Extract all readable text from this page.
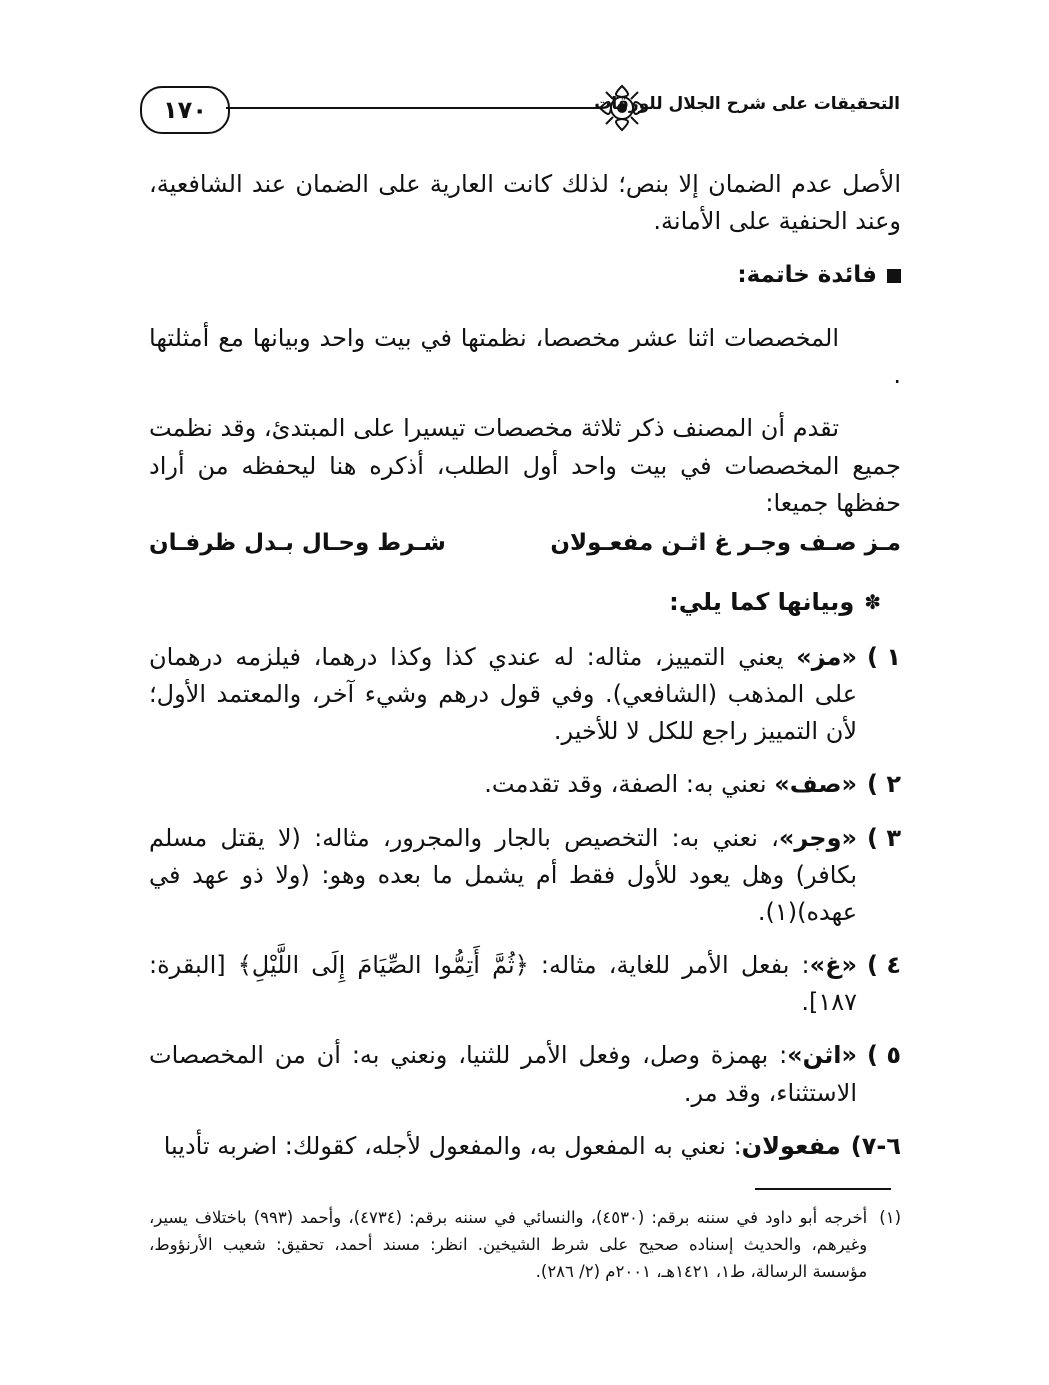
١٧٠	التحقيقات على شرح الجلال للورقات

الأصل عدم الضمان إلا بنص؛ لذلك كانت العارية على الضمان عند الشافعية، وعند الحنفية على الأمانة.

فائدة خاتمة:

المخصصات اثنا عشر مخصصا، نظمتها في بيت واحد وبيانها مع أمثلتها .

تقدم أن المصنف ذكر ثلاثة مخصصات تيسيرا على المبتدئ، وقد نظمت جميع المخصصات في بيت واحد أول الطلب، أذكره هنا ليحفظه من أراد حفظها جميعا:

مـز صـف وجـر غ اثـن مفعـولان
شـرط وحـال بـدل ظرفـان

✽
وبيانها كما يلي:

١ )
«مز» يعني التمييز، مثاله: له عندي كذا وكذا درهما، فيلزمه درهمان على المذهب (الشافعي). وفي قول درهم وشيء آخر، والمعتمد الأول؛ لأن التمييز راجع للكل لا للأخير.
٢ )
«صف» نعني به: الصفة، وقد تقدمت.
٣ )
«وجر»، نعني به: التخصيص بالجار والمجرور، مثاله: (لا يقتل مسلم بكافر) وهل يعود للأول فقط أم يشمل ما بعده وهو: (ولا ذو عهد في عهده)(١).
٤ )
«غ»: بفعل الأمر للغاية، مثاله: ﴿ثُمَّ أَتِمُّوا الصِّيَامَ إِلَى اللَّيْلِ﴾ [البقرة: ١٨٧].
٥ )
«اثن»: بهمزة وصل، وفعل الأمر للثنيا، ونعني به: أن من المخصصات الاستثناء، وقد مر.
٦-٧)
مفعولان: نعني به المفعول به، والمفعول لأجله، كقولك: اضربه تأديبا
(١)
أخرجه أبو داود في سننه برقم: (٤٥٣٠)، والنسائي في سننه برقم: (٤٧٣٤)، وأحمد (٩٩٣) باختلاف يسير، وغيرهم، والحديث إسناده صحيح على شرط الشيخين. انظر: مسند أحمد، تحقيق: شعيب الأرنؤوط، مؤسسة الرسالة، ط١، ١٤٢١هـ، ٢٠٠١م (٢/ ٢٨٦).
